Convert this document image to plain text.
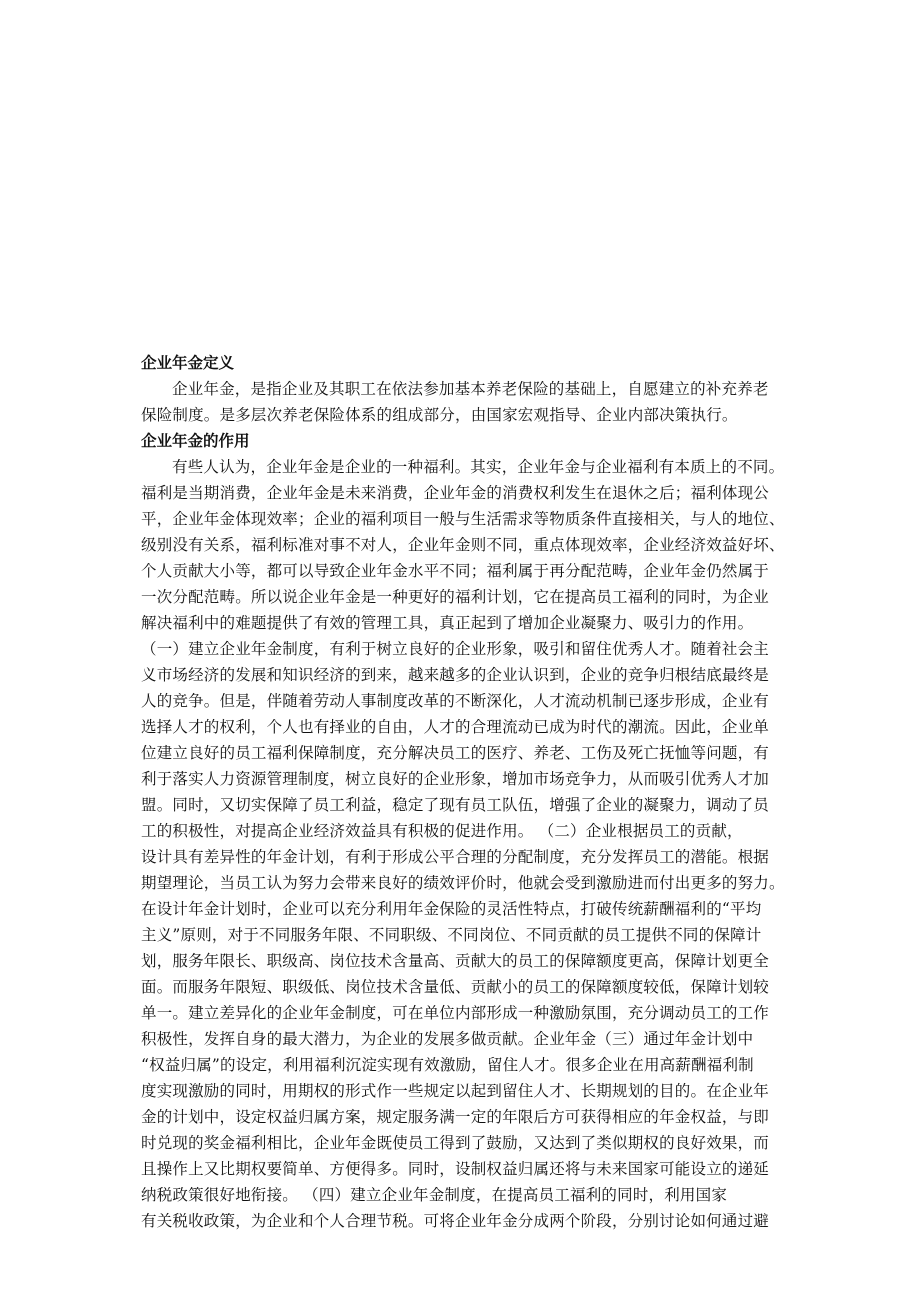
企业年金定义
企业年金，是指企业及其职工在依法参加基本养老保险的基础上，自愿建立的补充养老
保险制度。是多层次养老保险体系的组成部分，由国家宏观指导、企业内部决策执行。
企业年金的作用
有些人认为，企业年金是企业的一种福利。其实，企业年金与企业福利有本质上的不同。
福利是当期消费，企业年金是未来消费，企业年金的消费权利发生在退休之后；福利体现公
平，企业年金体现效率；企业的福利项目一般与生活需求等物质条件直接相关，与人的地位、
级别没有关系，福利标准对事不对人，企业年金则不同，重点体现效率，企业经济效益好坏、
个人贡献大小等，都可以导致企业年金水平不同；福利属于再分配范畴，企业年金仍然属于
一次分配范畴。所以说企业年金是一种更好的福利计划，它在提高员工福利的同时，为企业
解决福利中的难题提供了有效的管理工具，真正起到了增加企业凝聚力、吸引力的作用。
（一）建立企业年金制度，有利于树立良好的企业形象，吸引和留住优秀人才。随着社会主
义市场经济的发展和知识经济的到来，越来越多的企业认识到，企业的竞争归根结底最终是
人的竞争。但是，伴随着劳动人事制度改革的不断深化，人才流动机制已逐步形成，企业有
选择人才的权利，个人也有择业的自由，人才的合理流动已成为时代的潮流。因此，企业单
位建立良好的员工福利保障制度，充分解决员工的医疗、养老、工伤及死亡抚恤等问题，有
利于落实人力资源管理制度，树立良好的企业形象，增加市场竞争力，从而吸引优秀人才加
盟。同时，又切实保障了员工利益，稳定了现有员工队伍，增强了企业的凝聚力，调动了员
工的积极性，对提高企业经济效益具有积极的促进作用。 （二）企业根据员工的贡献，
设计具有差异性的年金计划，有利于形成公平合理的分配制度，充分发挥员工的潜能。根据
期望理论，当员工认为努力会带来良好的绩效评价时，他就会受到激励进而付出更多的努力。
在设计年金计划时，企业可以充分利用年金保险的灵活性特点，打破传统薪酬福利的“平均
主义”原则，对于不同服务年限、不同职级、不同岗位、不同贡献的员工提供不同的保障计
划，服务年限长、职级高、岗位技术含量高、贡献大的员工的保障额度更高，保障计划更全
面。而服务年限短、职级低、岗位技术含量低、贡献小的员工的保障额度较低，保障计划较
单一。建立差异化的企业年金制度，可在单位内部形成一种激励氛围，充分调动员工的工作
积极性，发挥自身的最大潜力，为企业的发展多做贡献。企业年金（三）通过年金计划中
“权益归属”的设定，利用福利沉淀实现有效激励，留住人才。很多企业在用高薪酬福利制
度实现激励的同时，用期权的形式作一些规定以起到留住人才、长期规划的目的。在企业年
金的计划中，设定权益归属方案，规定服务满一定的年限后方可获得相应的年金权益，与即
时兑现的奖金福利相比，企业年金既使员工得到了鼓励，又达到了类似期权的良好效果，而
且操作上又比期权要简单、方便得多。同时，设制权益归属还将与未来国家可能设立的递延
纳税政策很好地衔接。 （四）建立企业年金制度，在提高员工福利的同时，利用国家
有关税收政策，为企业和个人合理节税。可将企业年金分成两个阶段，分别讨论如何通过避
